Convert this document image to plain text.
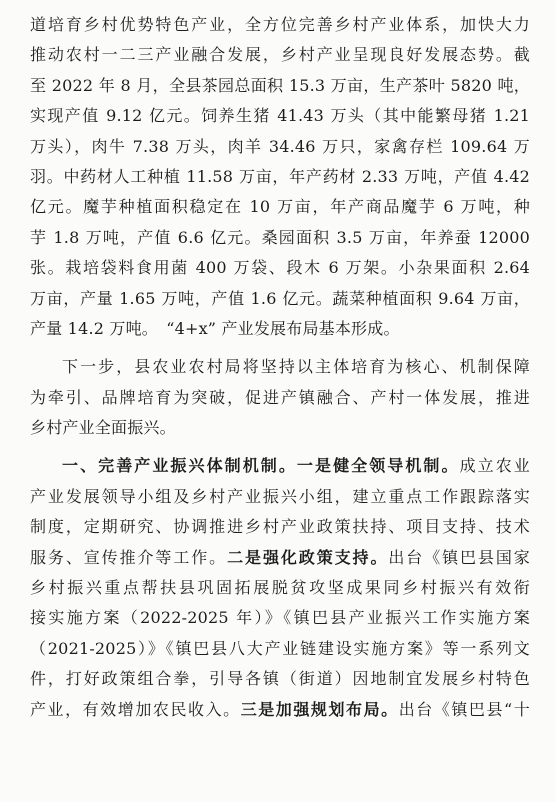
道培育乡村优势特色产业，全方位完善乡村产业体系，加快大力
推动农村一二三产业融合发展，乡村产业呈现良好发展态势。截
至 2022 年 8 月，全县茶园总面积 15.3 万亩，生产茶叶 5820 吨，
实现产值 9.12 亿元。饲养生猪 41.43 万头（其中能繁母猪 1.21
万头），肉牛 7.38 万头，肉羊 34.46 万只，家禽存栏 109.64 万
羽。中药材人工种植 11.58 万亩，年产药材 2.33 万吨，产值 4.42
亿元。魔芋种植面积稳定在 10 万亩，年产商品魔芋 6 万吨，种
芋 1.8 万吨，产值 6.6 亿元。桑园面积 3.5 万亩，年养蚕 12000
张。栽培袋料食用菌 400 万袋、段木 6 万架。小杂果面积 2.64
万亩，产量 1.65 万吨，产值 1.6 亿元。蔬菜种植面积 9.64 万亩，
产量 14.2 万吨。　“4+x” 产业发展布局基本形成。
下一步，县农业农村局将坚持以主体培育为核心、机制保障
为牵引、品牌培育为突破，促进产镇融合、产村一体发展，推进
乡村产业全面振兴。
一、完善产业振兴体制机制。一是健全领导机制。成立农业
产业发展领导小组及乡村产业振兴小组，建立重点工作跟踪落实
制度，定期研究、协调推进乡村产业政策扶持、项目支持、技术
服务、宣传推介等工作。二是强化政策支持。出台《镇巴县国家
乡村振兴重点帮扶县巩固拓展脱贫攻坚成果同乡村振兴有效衔
接实施方案（2022-2025 年）》《镇巴县产业振兴工作实施方案
（2021-2025）》《镇巴县八大产业链建设实施方案》等一系列文
件，打好政策组合拳，引导各镇（街道）因地制宜发展乡村特色
产业，有效增加农民收入。三是加强规划布局。出台《镇巴县“十
